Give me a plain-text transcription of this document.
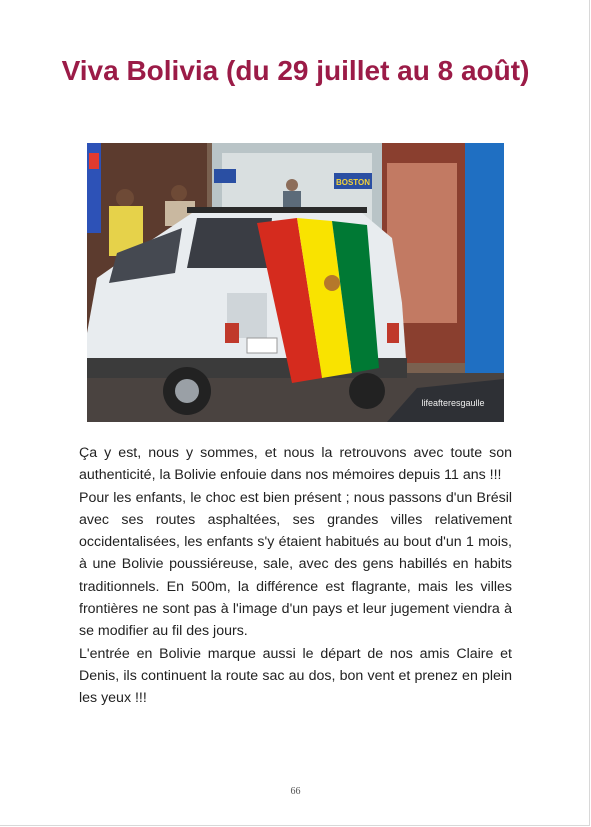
Viva Bolivia (du 29 juillet au 8 août)
BOSTON
lifeafteresgaulle

Ça y est, nous y sommes, et nous la retrouvons avec toute son authenticité, la Bolivie enfouie dans nos mémoires depuis 11 ans !!!

Pour les enfants, le choc est bien présent ; nous passons d'un Brésil avec ses routes asphaltées, ses grandes villes relativement occidentalisées, les enfants s'y étaient habitués au bout d'un 1 mois, à une Bolivie poussiéreuse, sale, avec des gens habillés en habits traditionnels. En 500m, la différence est flagrante, mais les villes frontières ne sont pas à l'image d'un pays et leur jugement viendra à se modifier au fil des jours.

L'entrée en Bolivie marque aussi le départ de nos amis Claire et Denis, ils continuent la route sac au dos, bon vent et prenez en plein les yeux !!!

66
